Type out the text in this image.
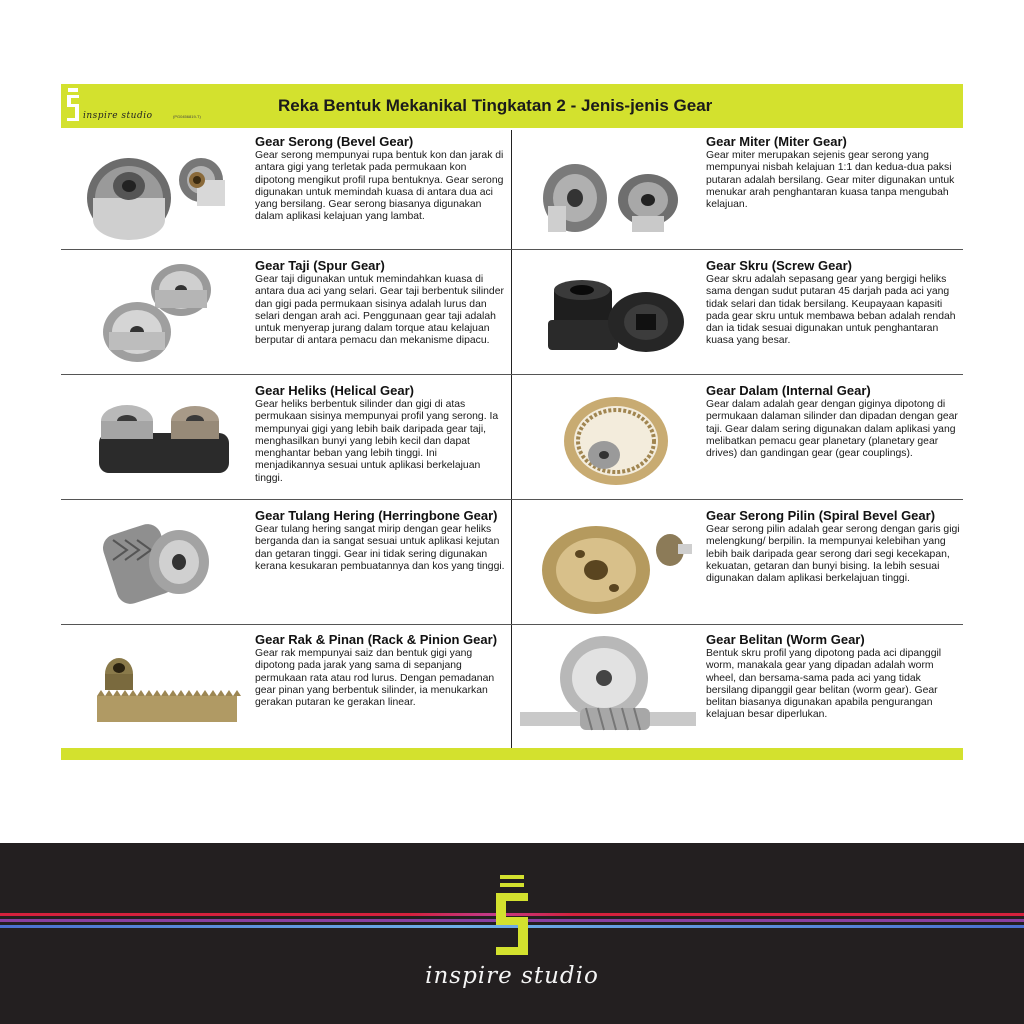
inspire studio	(PG0456819-T)
Reka Bentuk Mekanikal Tingkatan 2 - Jenis-jenis Gear
Gear Serong (Bevel Gear)
Gear serong mempunyai rupa bentuk kon dan jarak di antara gigi yang terletak pada permukaan kon dipotong mengikut profil rupa bentuknya. Gear serong digunakan untuk memindah kuasa di antara dua aci yang bersilang. Gear serong biasanya digunakan dalam aplikasi kelajuan yang lambat.
Gear Miter (Miter Gear)
Gear miter merupakan sejenis gear serong yang mempunyai nisbah kelajuan 1:1 dan kedua-dua paksi putaran adalah bersilang. Gear miter digunakan untuk menukar arah penghantaran kuasa tanpa mengubah kelajuan.
Gear Taji (Spur Gear)
Gear taji digunakan untuk memindahkan kuasa di antara dua aci yang selari. Gear taji berbentuk silinder dan gigi pada permukaan sisinya adalah lurus dan selari dengan arah aci. Penggunaan gear taji adalah untuk menyerap jurang dalam torque atau kelajuan berputar di antara pemacu dan mekanisme dipacu.
Gear Skru (Screw Gear)
Gear skru adalah sepasang gear yang bergigi heliks sama dengan sudut putaran 45 darjah pada aci yang tidak selari dan tidak bersilang. Keupayaan kapasiti pada gear skru untuk membawa beban adalah rendah dan ia tidak sesuai digunakan untuk penghantaran kuasa yang besar.
Gear Heliks (Helical Gear)
Gear heliks berbentuk silinder dan gigi di atas permukaan sisinya mempunyai profil yang serong. Ia mempunyai gigi yang lebih baik daripada gear taji, menghasilkan bunyi yang lebih kecil dan dapat menghantar beban yang lebih tinggi. Ini menjadikannya sesuai untuk aplikasi berkelajuan tinggi.
Gear Dalam (Internal Gear)
Gear dalam adalah gear dengan giginya dipotong di permukaan dalaman silinder dan dipadan dengan gear taji. Gear dalam sering digunakan dalam aplikasi yang melibatkan pemacu gear planetary (planetary gear drives) dan gandingan gear (gear couplings).
Gear Tulang Hering (Herringbone Gear)
Gear tulang hering sangat mirip dengan gear heliks berganda dan ia sangat sesuai untuk aplikasi kejutan dan getaran tinggi. Gear ini tidak sering digunakan kerana kesukaran pembuatannya dan kos yang tinggi.
Gear Serong Pilin (Spiral Bevel Gear)
Gear serong pilin adalah gear serong dengan garis gigi melengkung/ berpilin. Ia mempunyai kelebihan yang lebih baik daripada gear serong dari segi kecekapan, kekuatan, getaran dan bunyi bising. Ia lebih sesuai digunakan dalam aplikasi berkelajuan tinggi.
Gear Rak & Pinan (Rack & Pinion Gear)
Gear rak mempunyai saiz dan bentuk gigi yang dipotong pada jarak yang sama di sepanjang permukaan rata atau rod lurus. Dengan pemadanan gear pinan yang berbentuk silinder, ia menukarkan gerakan putaran ke gerakan linear.
Gear Belitan (Worm Gear)
Bentuk skru profil yang dipotong pada aci dipanggil worm, manakala gear yang dipadan adalah worm wheel, dan bersama-sama pada aci yang tidak bersilang dipanggil gear belitan (worm gear). Gear belitan biasanya digunakan apabila pengurangan kelajuan besar diperlukan.
inspire studio
